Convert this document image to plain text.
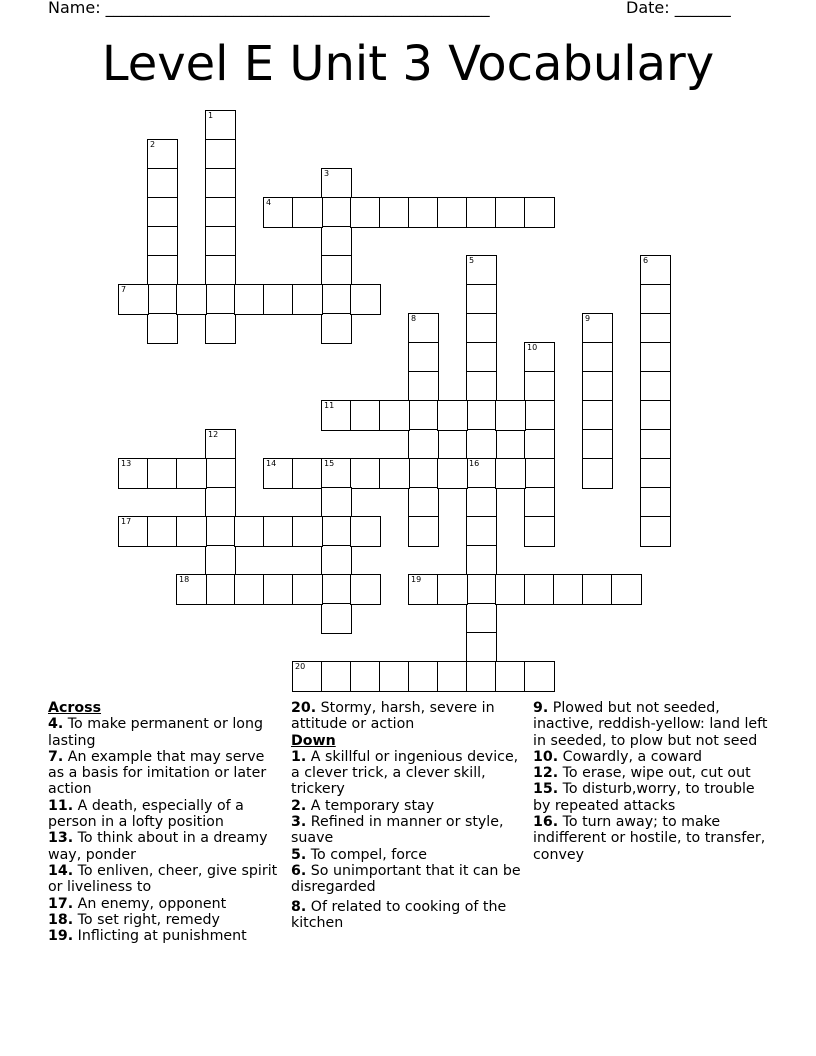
Name: ________________________________________________	Date: _______
Level E Unit 3 Vocabulary
1
2
3
4
5
16
6
7
8	9
10
11
12
13	14	15
17
18	19
20
Across
4. To make permanent or long lasting
7. An example that may serve as a basis for imitation or later action
11. A death, especially of a person in a lofty position
13. To think about in a dreamy way, ponder
14. To enliven, cheer, give spirit or liveliness to
17. An enemy, opponent
18. To set right, remedy
19. Inflicting at punishment
20. Stormy, harsh, severe in attitude or action
Down
1. A skillful or ingenious device, a clever trick, a clever skill, trickery
2. A temporary stay
3. Refined in manner or style, suave
5. To compel, force
6. So unimportant that it can be disregarded
8. Of related to cooking of the kitchen
9. Plowed but not seeded, inactive, reddish-yellow: land left in seeded, to plow but not seed
10. Cowardly, a coward
12. To erase, wipe out, cut out
15. To disturb,worry, to trouble by repeated attacks
16. To turn away; to make indifferent or hostile, to transfer, convey
